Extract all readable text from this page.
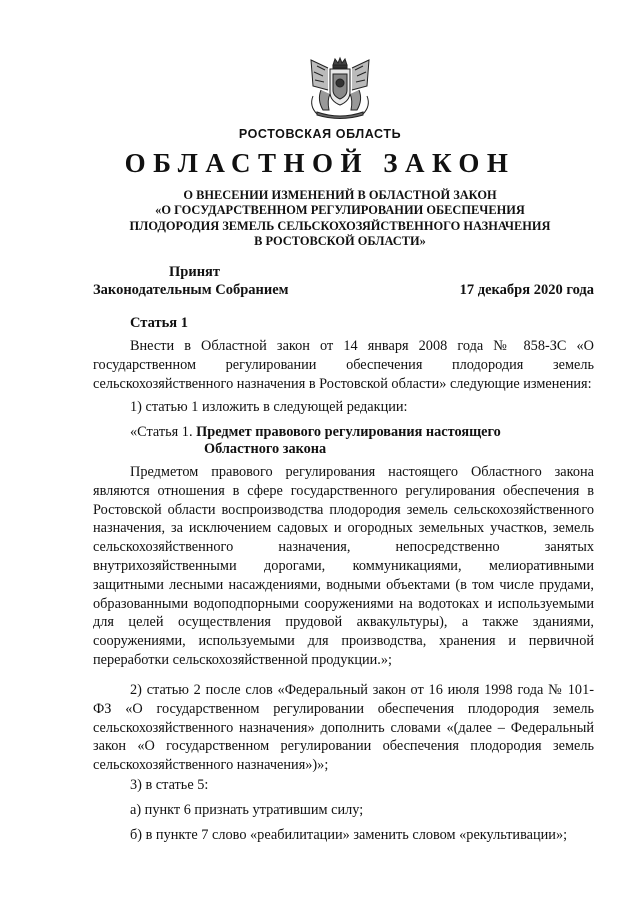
РОСТОВСКАЯ ОБЛАСТЬ
ОБЛАСТНОЙ ЗАКОН
О ВНЕСЕНИИ ИЗМЕНЕНИЙ В ОБЛАСТНОЙ ЗАКОН
«О ГОСУДАРСТВЕННОМ РЕГУЛИРОВАНИИ ОБЕСПЕЧЕНИЯ
ПЛОДОРОДИЯ ЗЕМЕЛЬ СЕЛЬСКОХОЗЯЙСТВЕННОГО НАЗНАЧЕНИЯ
В РОСТОВСКОЙ ОБЛАСТИ»
Принят
Законодательным Собранием	17 декабря 2020 года
Статья 1

Внести в Областной закон от 14 января 2008 года № 858-ЗС «О государственном регулировании обеспечения плодородия земель сельскохозяйственного назначения в Ростовской области» следующие изменения:

1) статью 1 изложить в следующей редакции:

«Статья 1. Предмет правового регулирования настоящего
Областного закона

Предметом правового регулирования настоящего Областного закона являются отношения в сфере государственного регулирования обеспечения в Ростовской области воспроизводства плодородия земель сельскохозяйственного назначения, за исключением садовых и огородных земельных участков, земель сельскохозяйственного назначения, непосредственно занятых внутрихозяйственными дорогами, коммуникациями, мелиоративными защитными лесными насаждениями, водными объектами (в том числе прудами, образованными водоподпорными сооружениями на водотоках и используемыми для целей осуществления прудовой аквакультуры), а также зданиями, сооружениями, используемыми для производства, хранения и первичной переработки сельскохозяйственной продукции.»;

2) статью 2 после слов «Федеральный закон от 16 июля 1998 года № 101-ФЗ «О государственном регулировании обеспечения плодородия земель сельскохозяйственного назначения» дополнить словами «(далее – Федеральный закон «О государственном регулировании обеспечения плодородия земель сельскохозяйственного назначения»)»;

3) в статье 5:

а) пункт 6 признать утратившим силу;

б) в пункте 7 слово «реабилитации» заменить словом «рекультивации»;
